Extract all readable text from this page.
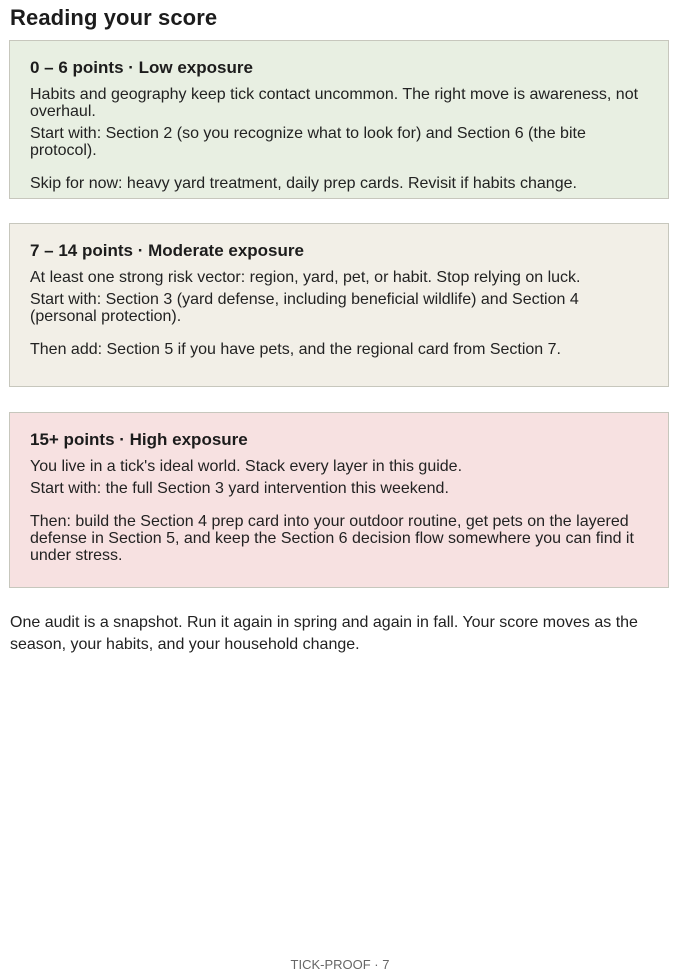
Reading your score
0 – 6 points · Low exposure
Habits and geography keep tick contact uncommon. The right move is awareness, not overhaul.
Start with: Section 2 (so you recognize what to look for) and Section 6 (the bite protocol).
Skip for now: heavy yard treatment, daily prep cards. Revisit if habits change.
7 – 14 points · Moderate exposure
At least one strong risk vector: region, yard, pet, or habit. Stop relying on luck.
Start with: Section 3 (yard defense, including beneficial wildlife) and Section 4 (personal protection).
Then add: Section 5 if you have pets, and the regional card from Section 7.
15+ points · High exposure
You live in a tick's ideal world. Stack every layer in this guide.
Start with: the full Section 3 yard intervention this weekend.
Then: build the Section 4 prep card into your outdoor routine, get pets on the layered defense in Section 5, and keep the Section 6 decision flow somewhere you can find it under stress.
One audit is a snapshot. Run it again in spring and again in fall. Your score moves as the season, your habits, and your household change.
TICK-PROOF · 7
